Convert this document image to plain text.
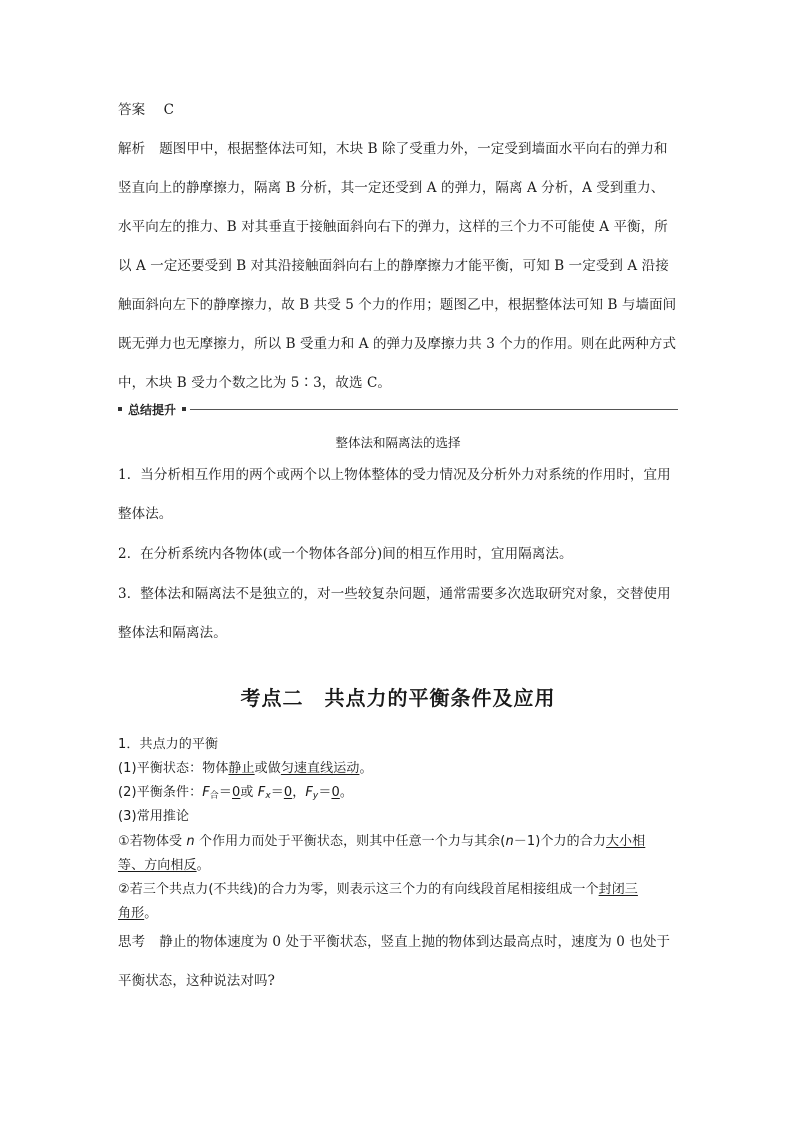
答案 C
解析 题图甲中，根据整体法可知，木块 B 除了受重力外，一定受到墙面水平向右的弹力和
竖直向上的静摩擦力，隔离 B 分析，其一定还受到 A 的弹力，隔离 A 分析，A 受到重力、
水平向左的推力、B 对其垂直于接触面斜向右下的弹力，这样的三个力不可能使 A 平衡，所
以 A 一定还要受到 B 对其沿接触面斜向右上的静摩擦力才能平衡，可知 B 一定受到 A 沿接
触面斜向左下的静摩擦力，故 B 共受 5 个力的作用；题图乙中，根据整体法可知 B 与墙面间
既无弹力也无摩擦力，所以 B 受重力和 A 的弹力及摩擦力共 3 个力的作用。则在此两种方式
中，木块 B 受力个数之比为 5∶3，故选 C。
总结提升
整体法和隔离法的选择
1．当分析相互作用的两个或两个以上物体整体的受力情况及分析外力对系统的作用时，宜用
整体法。
2．在分析系统内各物体(或一个物体各部分)间的相互作用时，宜用隔离法。
3．整体法和隔离法不是独立的，对一些较复杂问题，通常需要多次选取研究对象，交替使用
整体法和隔离法。
考点二　共点力的平衡条件及应用
1．共点力的平衡
(1)平衡状态：物体静止或做匀速直线运动。
(2)平衡条件：$F_合=0$或 $F_x=0$，$F_y=0$。
(3)常用推论
①若物体受 n 个作用力而处于平衡状态，则其中任意一个力与其余(n－1)个力的合力大小相
等、方向相反。
②若三个共点力(不共线)的合力为零，则表示这三个力的有向线段首尾相接组成一个封闭三
角形。
思考 静止的物体速度为 0 处于平衡状态，竖直上抛的物体到达最高点时，速度为 0 也处于
平衡状态，这种说法对吗?
